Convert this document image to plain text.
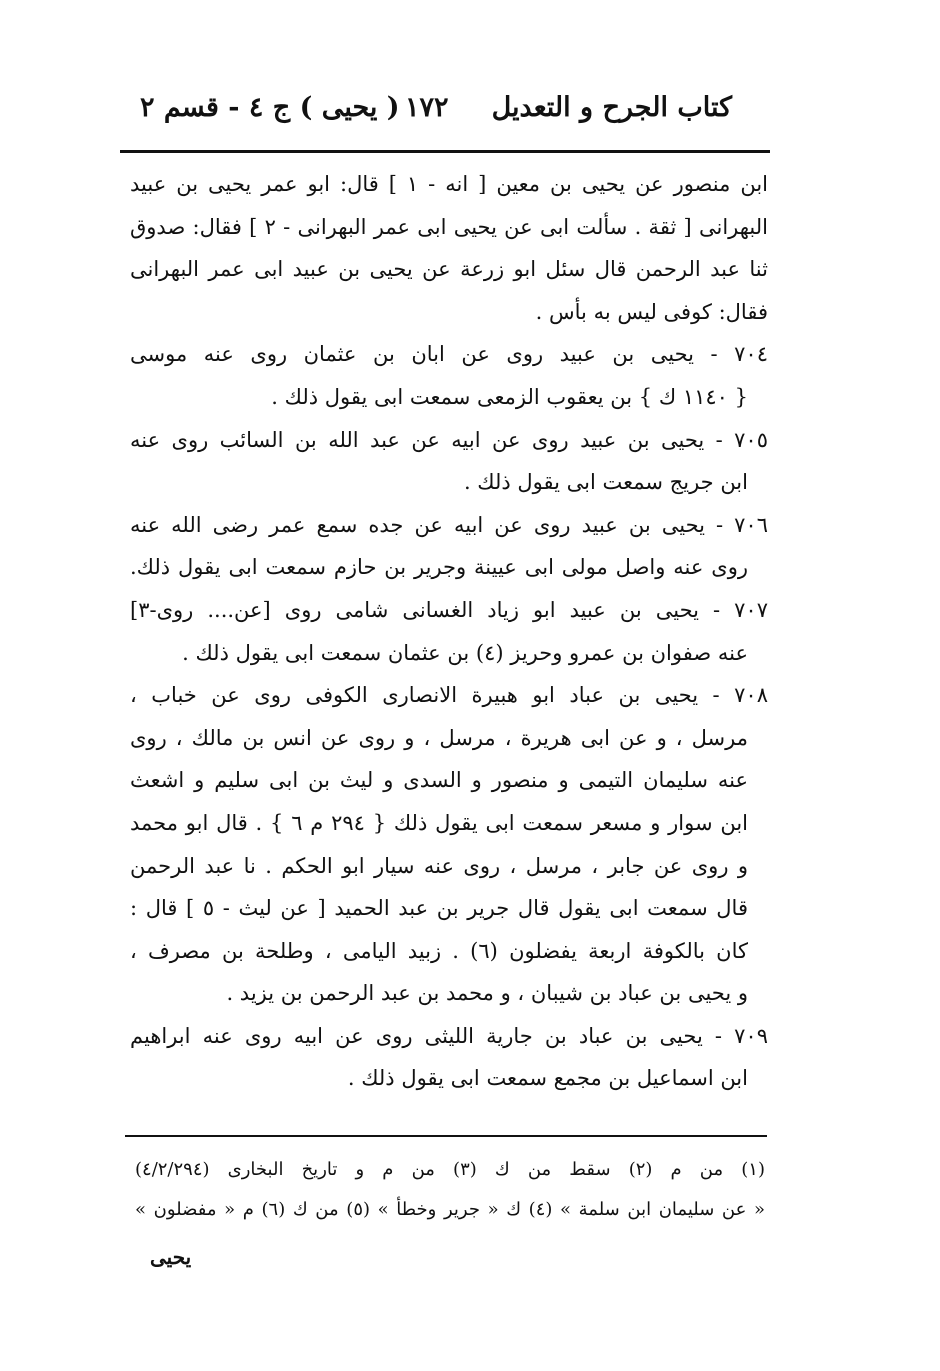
كتاب الجرح و التعديل
١٧٢
( يحيى ) ج ٤ - قسم ٢
ابن منصور عن يحيى بن معين [ انه - ١ ] قال: ابو عمر يحيى بن عبيد
البهرانى [ ثقة . سألت ابى عن يحيى ابى عمر البهرانى - ٢ ] فقال: صدوق
ثنا عبد الرحمن قال سئل ابو زرعة عن يحيى بن عبيد ابى عمر البهرانى
فقال: كوفى ليس به بأس .
٧٠٤ - يحيى بن عبيد روى عن ابان بن عثمان روى عنه موسى
{ ١١٤٠ ك } بن يعقوب الزمعى سمعت ابى يقول ذلك .
٧٠٥ - يحيى بن عبيد روى عن ابيه عن عبد الله بن السائب روى عنه
ابن جريج سمعت ابى يقول ذلك .
٧٠٦ - يحيى بن عبيد روى عن ابيه عن جده سمع عمر رضى الله عنه
روى عنه واصل مولى ابى عيينة وجرير بن حازم سمعت ابى يقول ذلك.
٧٠٧ - يحيى بن عبيد ابو زياد الغسانى شامى روى [عن.... روى-٣]
عنه صفوان بن عمرو وحريز (٤) بن عثمان سمعت ابى يقول ذلك .
٧٠٨ - يحيى بن عباد ابو هبيرة الانصارى الكوفى روى عن خباب ،
مرسل ، و عن ابى هريرة ، مرسل ، و روى عن انس بن مالك ، روى
عنه سليمان التيمى و منصور و السدى و ليث بن ابى سليم و اشعث
ابن سوار و مسعر سمعت ابى يقول ذلك { ٢٩٤ م ٦ } . قال ابو محمد
و روى عن جابر ، مرسل ، روى عنه سيار ابو الحكم . نا عبد الرحمن
قال سمعت ابى يقول قال جرير بن عبد الحميد [ عن ليث - ٥ ] قال :
كان بالكوفة اربعة يفضلون (٦) . زبيد اليامى ، وطلحة بن مصرف ،
و يحيى بن عباد بن شيبان ، و محمد بن عبد الرحمن بن يزيد .
٧٠٩ - يحيى بن عباد بن جارية الليثى روى عن ابيه روى عنه ابراهيم
ابن اسماعيل بن مجمع سمعت ابى يقول ذلك .
(١) من م (٢) سقط من ك (٣) من م و تاريخ البخارى (٤/٢/٢٩٤)
« عن سليمان ابن سلمة » (٤) ك « جرير وخطأ » (٥) من ك (٦) م « مفضلون »
يحيى
